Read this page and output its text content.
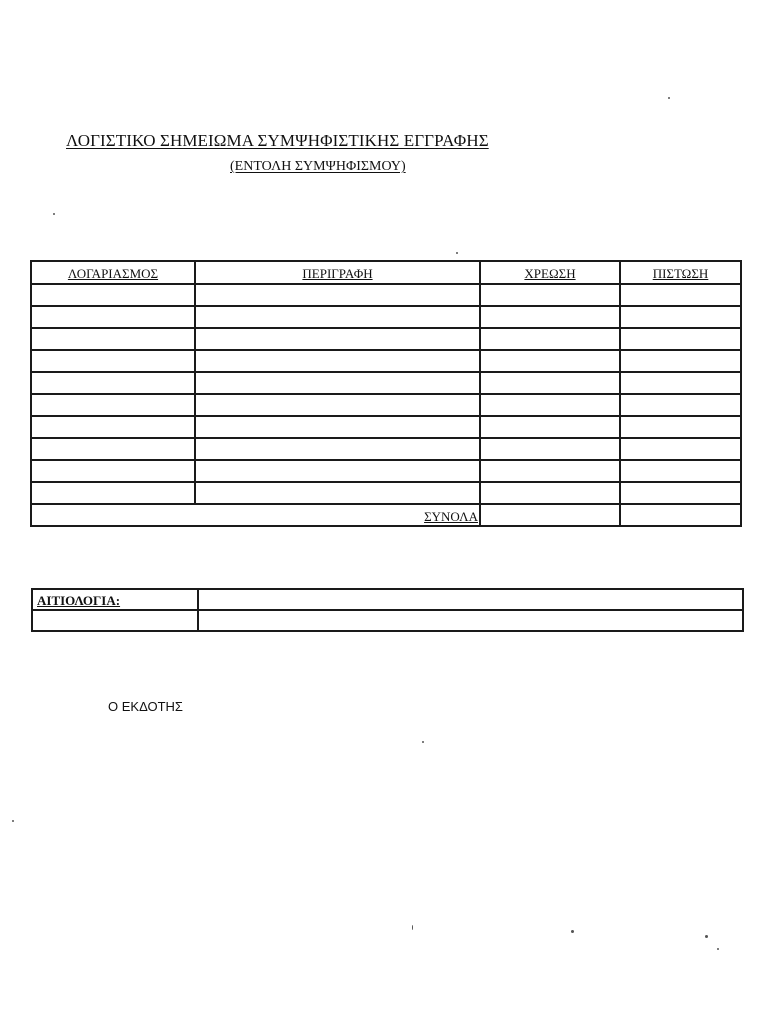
ΛΟΓΙΣΤΙΚΟ ΣΗΜΕΙΩΜΑ ΣΥΜΨΗΦΙΣΤΙΚΗΣ ΕΓΓΡΑΦΗΣ
(ΕΝΤΟΛΗ ΣΥΜΨΗΦΙΣΜΟΥ)
ΛΟΓΑΡΙΑΣΜΟΣ	ΠΕΡΙΓΡΑΦΗ	ΧΡΕΩΣΗ	ΠΙΣΤΩΣΗ

ΣΥΝΟΛΑ			
ΑΙΤΙΟΛΟΓΙΑ:	

Ο ΕΚΔΟΤΗΣ
